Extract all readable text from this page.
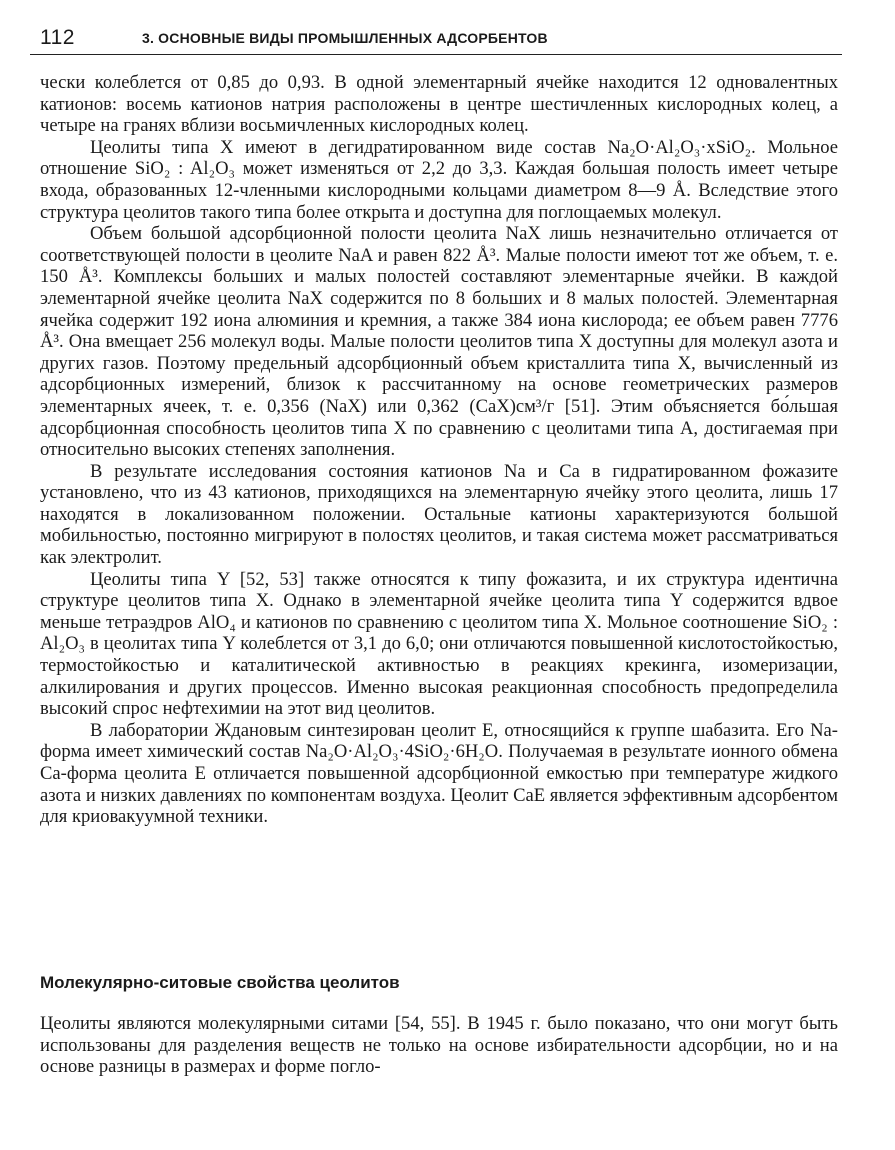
112	3. ОСНОВНЫЕ ВИДЫ ПРОМЫШЛЕННЫХ АДСОРБЕНТОВ

чески колеблется от 0,85 до 0,93. В одной элементарный ячейке находится 12 одновалентных катионов: восемь катионов натрия расположены в центре шестичленных кислородных колец, а четыре на гранях вблизи восьмичленных кислородных колец.

Цеолиты типа X имеют в дегидратированном виде состав Na₂O·Al₂O₃·xSiO₂. Мольное отношение SiO₂ : Al₂O₃ может изменяться от 2,2 до 3,3. Каждая большая полость имеет четыре входа, образованных 12-членными кислородными кольцами диаметром 8—9 Å. Вследствие этого структура цеолитов такого типа более открыта и доступна для поглощаемых молекул.

Объем большой адсорбционной полости цеолита NaX лишь незначительно отличается от соответствующей полости в цеолите NaA и равен 822 Å³. Малые полости имеют тот же объем, т. е. 150 Å³. Комплексы больших и малых полостей составляют элементарные ячейки. В каждой элементарной ячейке цеолита NaX содержится по 8 больших и 8 малых полостей. Элементарная ячейка содержит 192 иона алюминия и кремния, а также 384 иона кислорода; ее объем равен 7776 Å³. Она вмещает 256 молекул воды. Малые полости цеолитов типа X доступны для молекул азота и других газов. Поэтому предельный адсорбционный объем кристаллита типа X, вычисленный из адсорбционных измерений, близок к рассчитанному на основе геометрических размеров элементарных ячеек, т. е. 0,356 (NaX) или 0,362 (CaX)см³/г [51]. Этим объясняется бо́льшая адсорбционная способность цеолитов типа X по сравнению с цеолитами типа A, достигаемая при относительно высоких степенях заполнения.

В результате исследования состояния катионов Na и Ca в гидратированном фожазите установлено, что из 43 катионов, приходящихся на элементарную ячейку этого цеолита, лишь 17 находятся в локализованном положении. Остальные катионы характеризуются большой мобильностью, постоянно мигрируют в полостях цеолитов, и такая система может рассматриваться как электролит.

Цеолиты типа Y [52, 53] также относятся к типу фожазита, и их структура идентична структуре цеолитов типа X. Однако в элементарной ячейке цеолита типа Y содержится вдвое меньше тетраэдров AlO₄ и катионов по сравнению с цеолитом типа X. Мольное соотношение SiO₂ : Al₂O₃ в цеолитах типа Y колеблется от 3,1 до 6,0; они отличаются повышенной кислотостойкостью, термостойкостью и каталитической активностью в реакциях крекинга, изомеризации, алкилирования и других процессов. Именно высокая реакционная способность предопределила высокий спрос нефтехимии на этот вид цеолитов.

В лаборатории Ждановым синтезирован цеолит E, относящийся к группе шабазита. Его Na-форма имеет химический состав Na₂O·Al₂O₃·4SiO₂·6H₂O. Получаемая в результате ионного обмена Ca-форма цеолита E отличается повышенной адсорбционной емкостью при температуре жидкого азота и низких давлениях по компонентам воздуха. Цеолит CaE является эффективным адсорбентом для криовакуумной техники.

Молекулярно-ситовые свойства цеолитов

Цеолиты являются молекулярными ситами [54, 55]. В 1945 г. было показано, что они могут быть использованы для разделения веществ не только на основе избирательности адсорбции, но и на основе разницы в размерах и форме погло-
